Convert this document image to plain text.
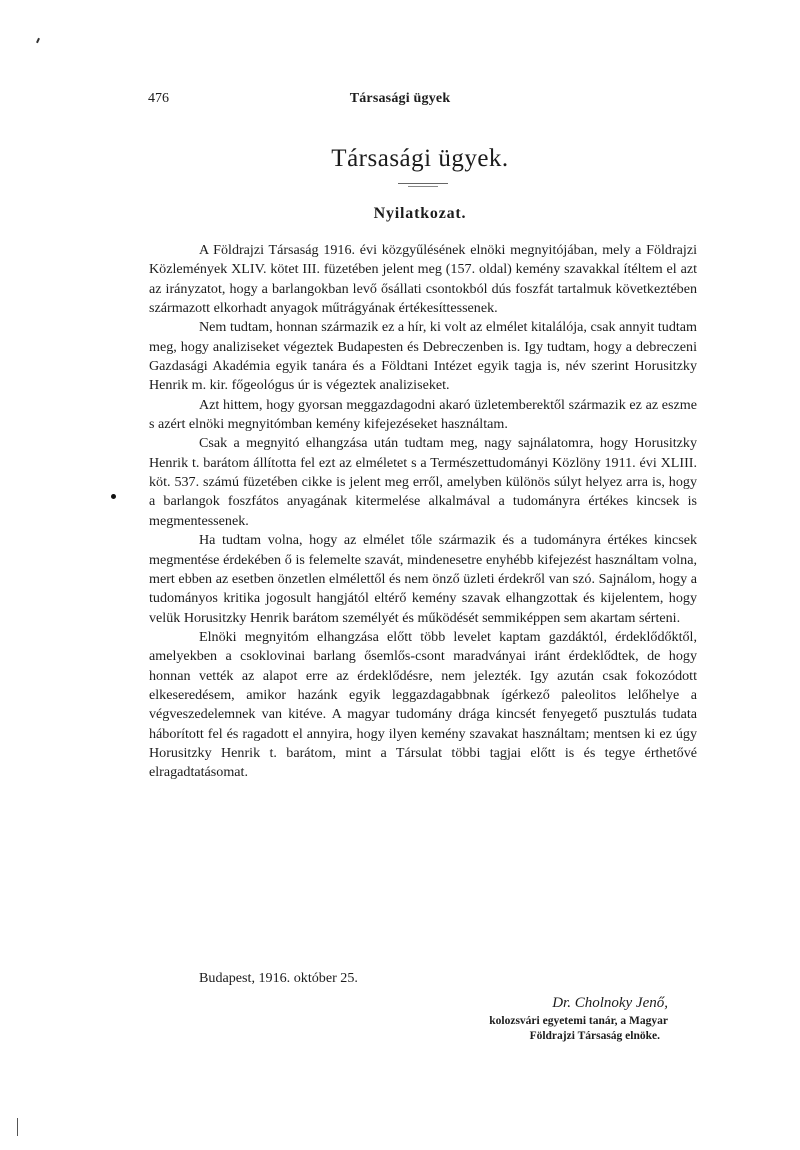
476	Társasági ügyek
Társasági ügyek.
Nyilatkozat.

A Földrajzi Társaság 1916. évi közgyűlésének elnöki megnyitójában, mely a Földrajzi Közlemények XLIV. kötet III. füzetében jelent meg (157. oldal) kemény szavakkal ítéltem el azt az irányzatot, hogy a barlangokban levő ősállati csontokból dús foszfát tartalmuk következtében származott elkorhadt anyagok műtrágyának értékesíttessenek.

Nem tudtam, honnan származik ez a hír, ki volt az elmélet kitalálója, csak annyit tudtam meg, hogy analiziseket végeztek Budapesten és Debreczenben is. Igy tudtam, hogy a debreczeni Gazdasági Akadémia egyik tanára és a Földtani Intézet egyik tagja is, név szerint Horusitzky Henrik m. kir. főgeológus úr is végeztek analiziseket.

Azt hittem, hogy gyorsan meggazdagodni akaró üzletemberektől származik ez az eszme s azért elnöki megnyitómban kemény kifejezéseket használtam.

Csak a megnyitó elhangzása után tudtam meg, nagy sajnálatomra, hogy Horusitzky Henrik t. barátom állította fel ezt az elméletet s a Természettudományi Közlöny 1911. évi XLIII. köt. 537. számú füzetében cikke is jelent meg erről, amelyben különös súlyt helyez arra is, hogy a barlangok foszfátos anyagának kitermelése alkalmával a tudományra értékes kincsek is megmentessenek.

Ha tudtam volna, hogy az elmélet tőle származik és a tudományra értékes kincsek megmentése érdekében ő is felemelte szavát, mindenesetre enyhébb kifejezést használtam volna, mert ebben az esetben önzetlen elmélettől és nem önző üzleti érdekről van szó. Sajnálom, hogy a tudományos kritika jogosult hangjától eltérő kemény szavak elhangzottak és kijelentem, hogy velük Horusitzky Henrik barátom személyét és működését semmiképpen sem akartam sérteni.

Elnöki megnyitóm elhangzása előtt több levelet kaptam gazdáktól, érdeklődőktől, amelyekben a csoklovinai barlang ősemlős-csont maradványai iránt érdeklődtek, de hogy honnan vették az alapot erre az érdeklődésre, nem jelezték. Igy azután csak fokozódott elkeseredésem, amikor hazánk egyik leggazdagabbnak ígérkező paleolitos lelőhelye a végveszedelemnek van kitéve. A magyar tudomány drága kincsét fenyegető pusztulás tudata háborított fel és ragadott el annyira, hogy ilyen kemény szavakat használtam; mentsen ki ez úgy Horusitzky Henrik t. barátom, mint a Társulat többi tagjai előtt is és tegye érthetővé elragadtatásomat.

Budapest, 1916. október 25.

Dr. Cholnoky Jenő,

kolozsvári egyetemi tanár, a Magyar

Földrajzi Társaság elnöke.
